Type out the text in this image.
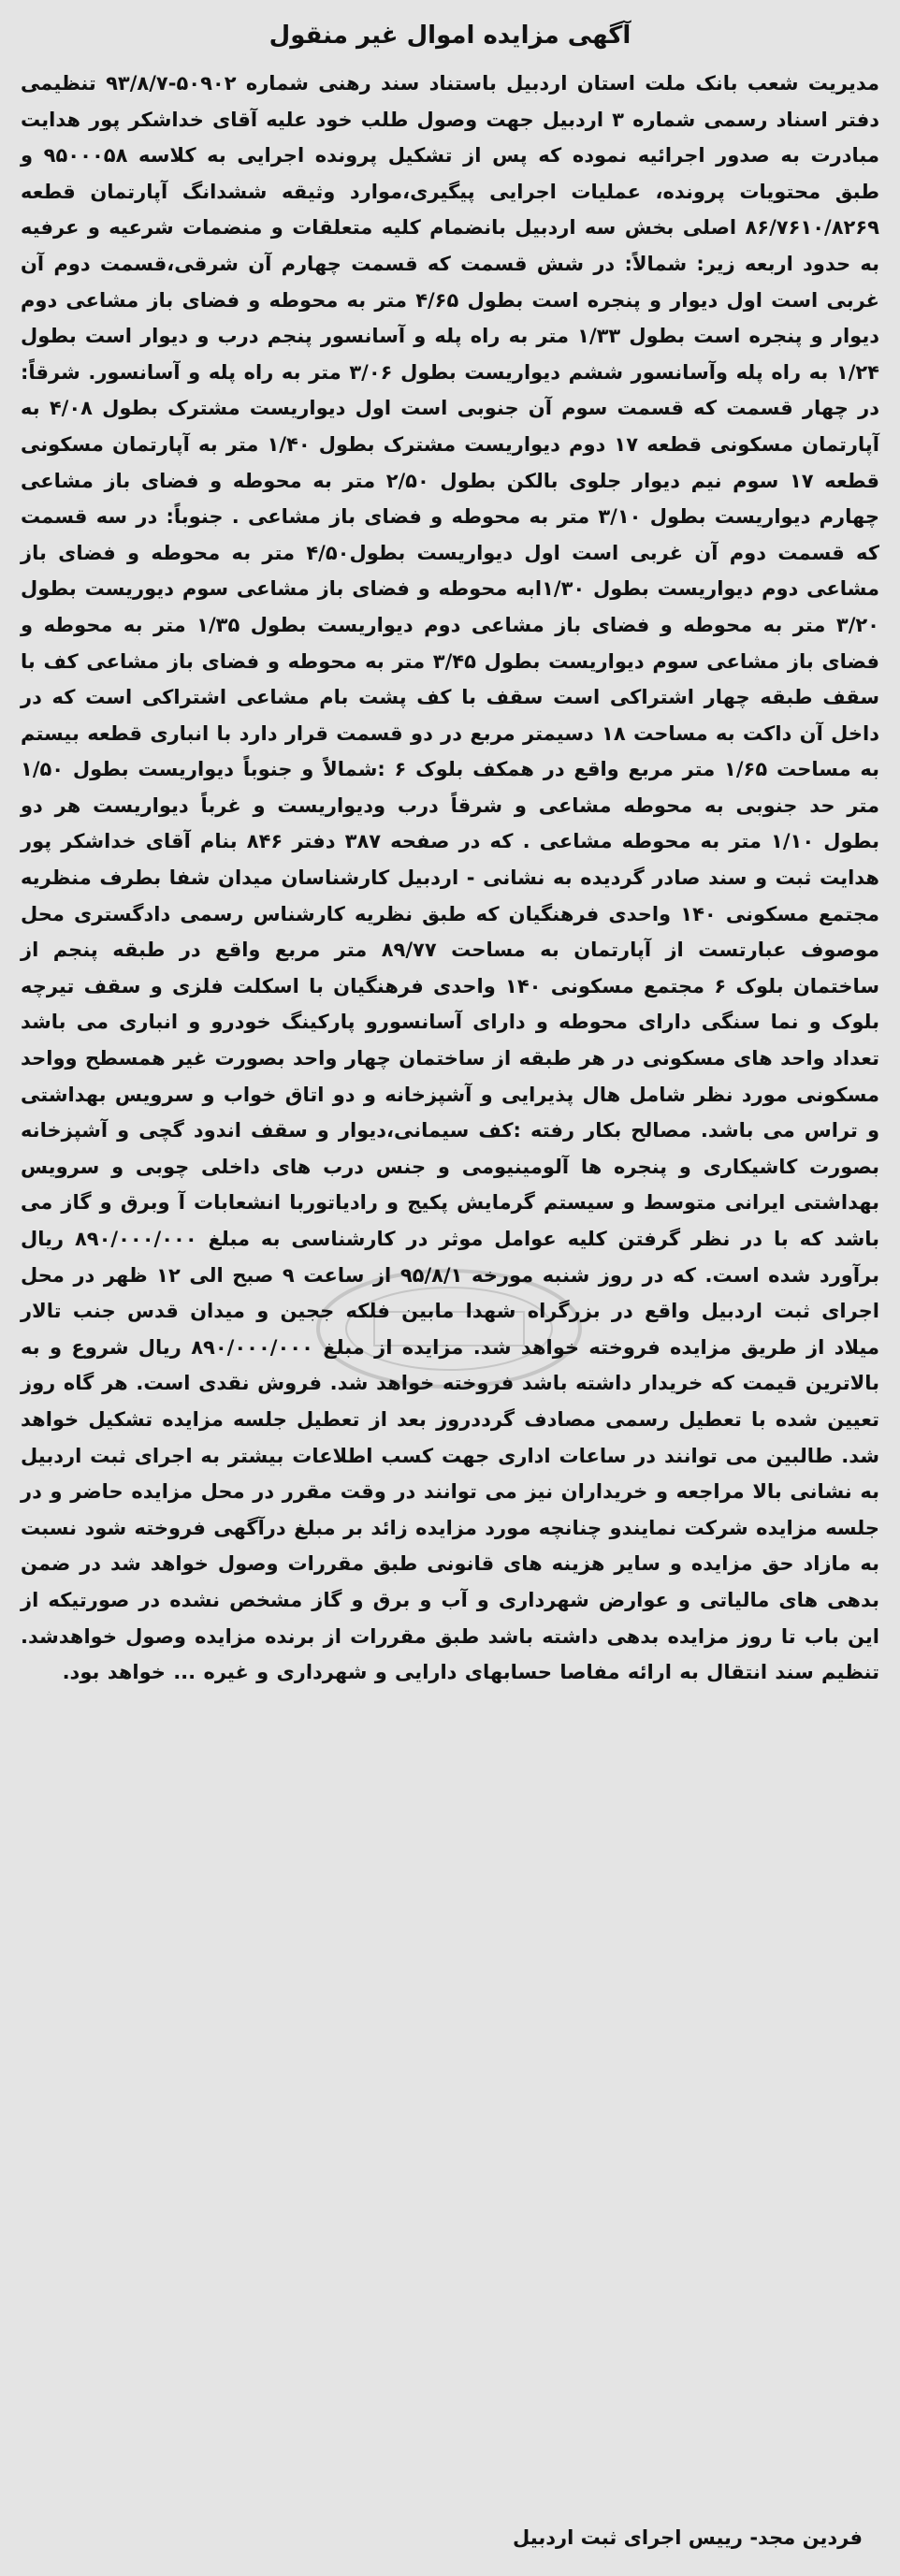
آگهی مزایده اموال غیر منقول

مدیریت شعب بانک ملت استان اردبیل باستناد سند رهنی شماره ۵۰۹۰۲-۹۳/۸/۷ تنظیمی دفتر اسناد رسمی شماره ۳ اردبیل جهت وصول طلب خود علیه آقای خداشکر پور هدایت مبادرت به صدور اجرائیه نموده که پس از تشکیل پرونده اجرایی به کلاسه ۹۵۰۰۰۵۸ و طبق محتویات پرونده، عملیات اجرایی پیگیری،موارد وثیقه ششدانگ آپارتمان قطعه ۸۶/۷۶۱۰/۸۲۶۹ اصلی بخش سه اردبیل بانضمام کلیه متعلقات و منضمات شرعیه و عرفیه به حدود اربعه زیر: شمالاً: در شش قسمت که قسمت چهارم آن شرقی،قسمت دوم آن غربی است اول دیوار و پنجره است بطول ۴/۶۵ متر به محوطه و فضای باز مشاعی دوم دیوار و پنجره است بطول ۱/۳۳ متر به راه پله و آسانسور پنجم درب و دیوار است بطول ۱/۲۴ به راه پله وآسانسور ششم دیواریست بطول ۳/۰۶ متر به راه پله و آسانسور. شرقاً: در چهار قسمت که قسمت سوم آن جنوبی است اول دیواریست مشترک بطول ۴/۰۸ به آپارتمان مسکونی قطعه ۱۷ دوم دیواریست مشترک بطول ۱/۴۰ متر به آپارتمان مسکونی قطعه ۱۷ سوم نیم دیوار جلوی بالکن بطول ۲/۵۰ متر به محوطه و فضای باز مشاعی چهارم دیواریست بطول ۳/۱۰ متر به محوطه و فضای باز مشاعی . جنوباً: در سه قسمت که قسمت دوم آن غربی است اول دیواریست بطول۴/۵۰ متر به محوطه و فضای باز مشاعی دوم دیواریست بطول ۱/۳۰ابه محوطه و فضای باز مشاعی سوم دیوریست بطول ۳/۲۰ متر به محوطه و فضای باز مشاعی دوم دیواریست بطول ۱/۳۵ متر به محوطه و فضای باز مشاعی سوم دیواریست بطول ۳/۴۵ متر به محوطه و فضای باز مشاعی کف با سقف طبقه چهار اشتراکی است سقف با کف پشت بام مشاعی اشتراکی است که در داخل آن داکت به مساحت ۱۸ دسیمتر مربع در دو قسمت قرار دارد با انباری قطعه بیستم به مساحت ۱/۶۵ متر مربع واقع در همکف بلوک ۶ :شمالاً و جنوباً دیواریست بطول ۱/۵۰ متر حد جنوبی به محوطه مشاعی و شرقاً درب ودیواریست و غرباً دیواریست هر دو بطول ۱/۱۰ متر به محوطه مشاعی . که در صفحه ۳۸۷ دفتر ۸۴۶ بنام آقای خداشکر پور هدایت ثبت و سند صادر گردیده به نشانی - اردبیل کارشناسان میدان شفا بطرف منظریه مجتمع مسکونی ۱۴۰ واحدی فرهنگیان که طبق نظریه کارشناس رسمی دادگستری محل موصوف عبارتست از آپارتمان به مساحت ۸۹/۷۷ متر مربع واقع در طبقه پنجم از ساختمان بلوک ۶ مجتمع مسکونی ۱۴۰ واحدی فرهنگیان با اسکلت فلزی و سقف تیرچه بلوک و نما سنگی دارای محوطه و دارای آسانسورو پارکینگ خودرو و انباری می باشد تعداد واحد های مسکونی در هر طبقه از ساختمان چهار واحد بصورت غیر همسطح وواحد مسکونی مورد نظر شامل هال پذیرایی و آشپزخانه و دو اتاق خواب و سرویس بهداشتی و تراس می باشد. مصالح بکار رفته :کف سیمانی،دیوار و سقف اندود گچی و آشپزخانه بصورت کاشیکاری و پنجره ها آلومینیومی و جنس درب های داخلی چوبی و سرویس بهداشتی ایرانی متوسط و سیستم گرمایش پکیج و رادیاتوربا انشعابات آ وبرق و گاز می باشد که با در نظر گرفتن کلیه عوامل موثر در کارشناسی به مبلغ ۸۹۰/۰۰۰/۰۰۰ ریال برآورد شده است. که در روز شنبه مورخه ۹۵/۸/۱ از ساعت ۹ صبح الی ۱۲ ظهر در محل اجرای ثبت اردبیل واقع در بزرگراه شهدا مابین فلکه ججین و میدان قدس جنب تالار میلاد از طریق مزایده فروخته خواهد شد. مزایده از مبلغ ۸۹۰/۰۰۰/۰۰۰ ریال شروع و به بالاترین قیمت که خریدار داشته باشد فروخته خواهد شد. فروش نقدی است. هر گاه روز تعیین شده با تعطیل رسمی مصادف گرددروز بعد از تعطیل جلسه مزایده تشکیل خواهد شد. طالبین می توانند در ساعات اداری جهت کسب اطلاعات بیشتر به اجرای ثبت اردبیل به نشانی بالا مراجعه و خریداران نیز می توانند در وقت مقرر در محل مزایده حاضر و در جلسه مزایده شرکت نمایندو چنانچه مورد مزایده زائد بر مبلغ درآگهی فروخته شود نسبت به مازاد حق مزایده و سایر هزینه های قانونی طبق مقررات وصول خواهد شد در ضمن بدهی های مالیاتی و عوارض شهرداری و آب و برق و گاز مشخص نشده در صورتیکه از این باب تا روز مزایده بدهی داشته باشد طبق مقررات از برنده مزایده وصول خواهدشد. تنظیم سند انتقال به ارائه مفاصا حسابهای دارایی و شهرداری و غیره ... خواهد بود.

فردین مجد- رییس اجرای ثبت اردبیل
